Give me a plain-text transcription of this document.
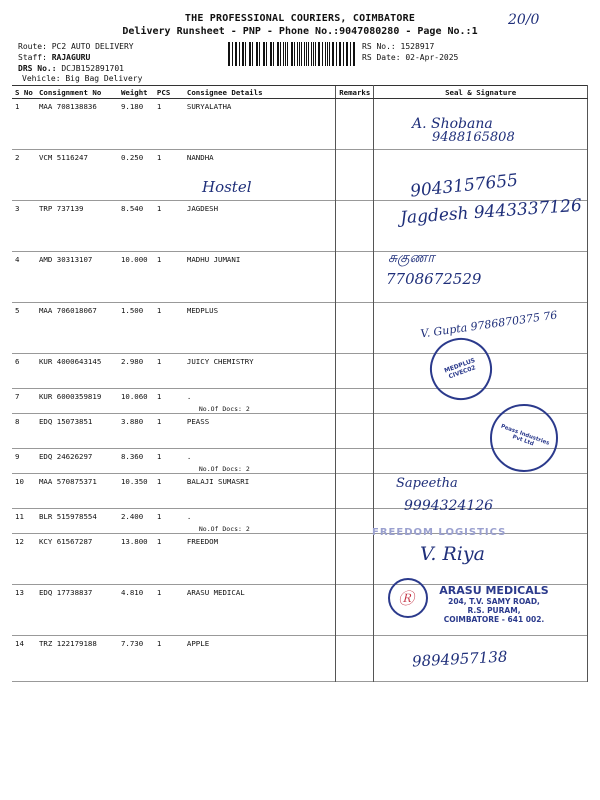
THE PROFESSIONAL COURIERS, COIMBATORE
Delivery Runsheet - PNP - Phone No.:9047080280 - Page No.:1
20/0
Route: PC2 AUTO DELIVERY
Staff: RAJAGURU
DRS No.: DCJB152891701
Vehicle: Big Bag Delivery
RS No.: 1528917
RS Date: 02-Apr-2025
S No	Consignment No	Weight	PCS	Consignee Details	Remarks	Seal & Signature
1	MAA 708138836	9.180	1	SURYALATHA		
2	VCM 5116247	0.250	1	NANDHA		
3	TRP 737139	8.540	1	JAGDESH		
4	AMD 30313107	10.000	1	MADHU JUMANI		
5	MAA 706018067	1.500	1	MEDPLUS		
6	KUR 4000643145	2.980	1	JUICY CHEMISTRY		
7	KUR 6000359819	10.060	1	.
No.Of Docs: 2		

8	EDQ 15073851	3.880	1	PEASS		
9	EDQ 24626297	8.360	1	.
No.Of Docs: 2		

10	MAA 570875371	10.350	1	BALAJI SUMASRI		
11	BLR 515978554	2.400	1	.
No.Of Docs: 2		

12	KCY 61567287	13.800	1	FREEDOM		
13	EDQ 17738837	4.810	1	ARASU MEDICAL		
14	TRZ 122179188	7.730	1	APPLE		
A. Shobana
9488165808
Hostel	9043157655
Jagdesh 9443337126
சுகுணா
7708672529
V. Gupta 9786870375 76
Sapeetha
9994324126
V. Riya
9894957138
MEDPLUS CIVEC02
Peass Industries Pvt Ltd
FREEDOM LOGISTICS
Ⓡ	ARASU MEDICALS
204, T.V. SAMY ROAD,
R.S. PURAM,
COIMBATORE - 641 002.
